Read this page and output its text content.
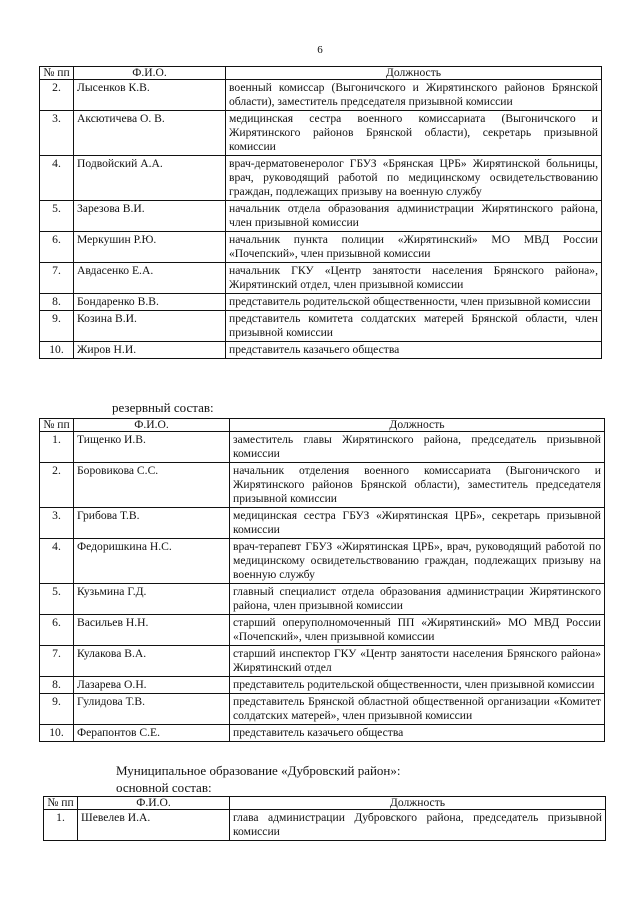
6
№ пп	Ф.И.О.	Должность
2.	Лысенков К.В.	военный комиссар (Выгоничского и Жирятинского районов Брянской области), заместитель председателя призывной комиссии
3.	Аксютичева О. В.	медицинская сестра военного комиссариата (Выгоничского и Жирятинского районов Брянской области), секретарь призывной комиссии
4.	Подвойский А.А.	врач-дерматовенеролог ГБУЗ «Брянская ЦРБ» Жирятинской больницы, врач, руководящий работой по медицинскому освидетельствованию граждан, подлежащих призыву на военную службу
5.	Зарезова В.И.	начальник отдела образования администрации Жирятинского района, член призывной комиссии
6.	Меркушин Р.Ю.	начальник пункта полиции «Жирятинский» МО МВД России «Почепский», член призывной комиссии
7.	Авдасенко Е.А.	начальник ГКУ «Центр занятости населения Брянского района», Жирятинский отдел, член призывной комиссии
8.	Бондаренко В.В.	представитель родительской общественности, член призывной комиссии
9.	Козина В.И.	представитель комитета солдатских матерей Брянской области, член призывной комиссии
10.	Жиров Н.И.	представитель казачьего общества
резервный состав:
№ пп	Ф.И.О.	Должность
1.	Тищенко И.В.	заместитель главы Жирятинского района, председатель призывной комиссии
2.	Боровикова С.С.	начальник отделения военного комиссариата (Выгоничского и Жирятинского районов Брянской области), заместитель председателя призывной комиссии
3.	Грибова Т.В.	медицинская сестра ГБУЗ «Жирятинская ЦРБ», секретарь призывной комиссии
4.	Федоришкина Н.С.	врач-терапевт ГБУЗ «Жирятинская ЦРБ», врач, руководящий работой по медицинскому освидетельствованию граждан, подлежащих призыву на военную службу
5.	Кузьмина Г.Д.	главный специалист отдела образования администрации Жирятинского района, член призывной комиссии
6.	Васильев Н.Н.	старший оперуполномоченный ПП «Жирятинский» МО МВД России «Почепский», член призывной комиссии
7.	Кулакова В.А.	старший инспектор ГКУ «Центр занятости населения Брянского района» Жирятинский отдел
8.	Лазарева О.Н.	представитель родительской общественности, член призывной комиссии
9.	Гулидова Т.В.	представитель Брянской областной общественной организации «Комитет солдатских матерей», член призывной комиссии
10.	Ферапонтов С.Е.	представитель казачьего общества
Муниципальное образование «Дубровский район»:
основной состав:
№ пп	Ф.И.О.	Должность
1.	Шевелев И.А.	глава администрации Дубровского района, председатель призывной комиссии
